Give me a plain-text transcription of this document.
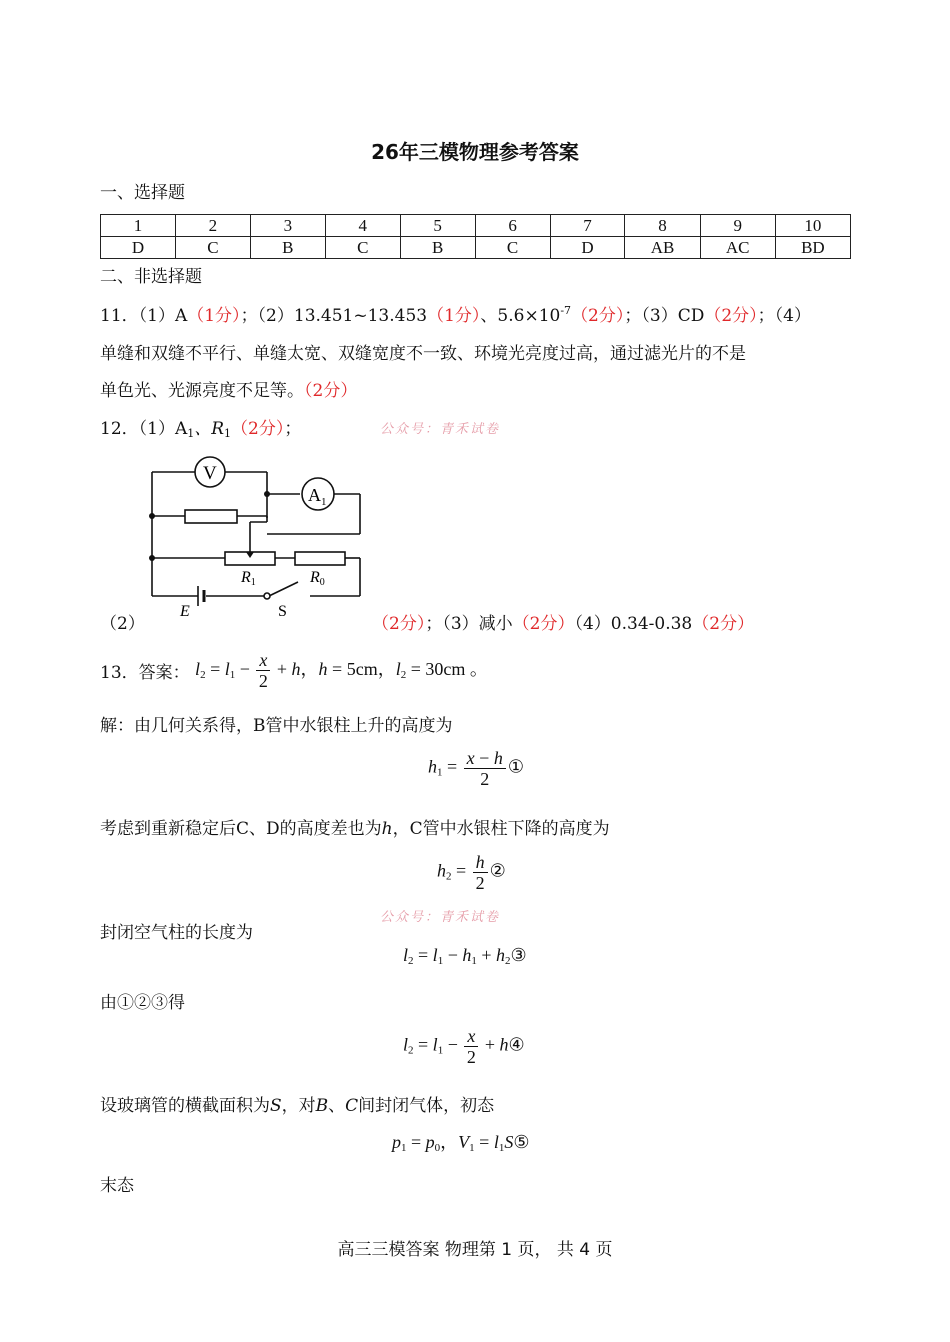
26年三模物理参考答案
一、选择题
1	2	3	4	5	6	7	8	9	10
D	C	B	C	B	C	D	AB	AC	BD
二、非选择题
11．（1）A（1分）；（2）13.451~13.453（1分）、$5.6\times 10^{-7}(2$分）；（3）CD（2分）；（4）
单缝和双缝不平行、单缝太宽、双缝宽度不一致、环境光亮度过高，通过滤光片的不是
单色光、光源亮度不足等。（2分）
12．$(1)A_1$、$R_1(2$分）；	公众号：青禾试卷
V
$A_1$
R1	R0
E	S
（2）	（2分）；（3）减小（2分）（4）0.34-0.38（2分）
13．答案： $l_2 = l_1 - \frac{x}{2} + h$，h = 5cm，$l_2 = 30cm$ 。
解：由几何关系得，B管中水银柱上升的高度为
$h_1 = \frac{x - h}{2}$ ①
考虑到重新稳定后C、D的高度差也为h，C管中水银柱下降的高度为
$h_2 = \frac{h}{2}$ ②
公众号：青禾试卷
封闭空气柱的长度为
$l_2 = l_1 - h_1$ + $h_2③$
由①②③得
$l_2 = l_1 - \frac{x}{2}$ + h④
设玻璃管的横截面积为S，对B、C间封闭气体，初态
$p_1 = p_0$，$V_1$ = $l_1S⑤$
末态
高三三模答案 物理第 1 页， 共 4 页
